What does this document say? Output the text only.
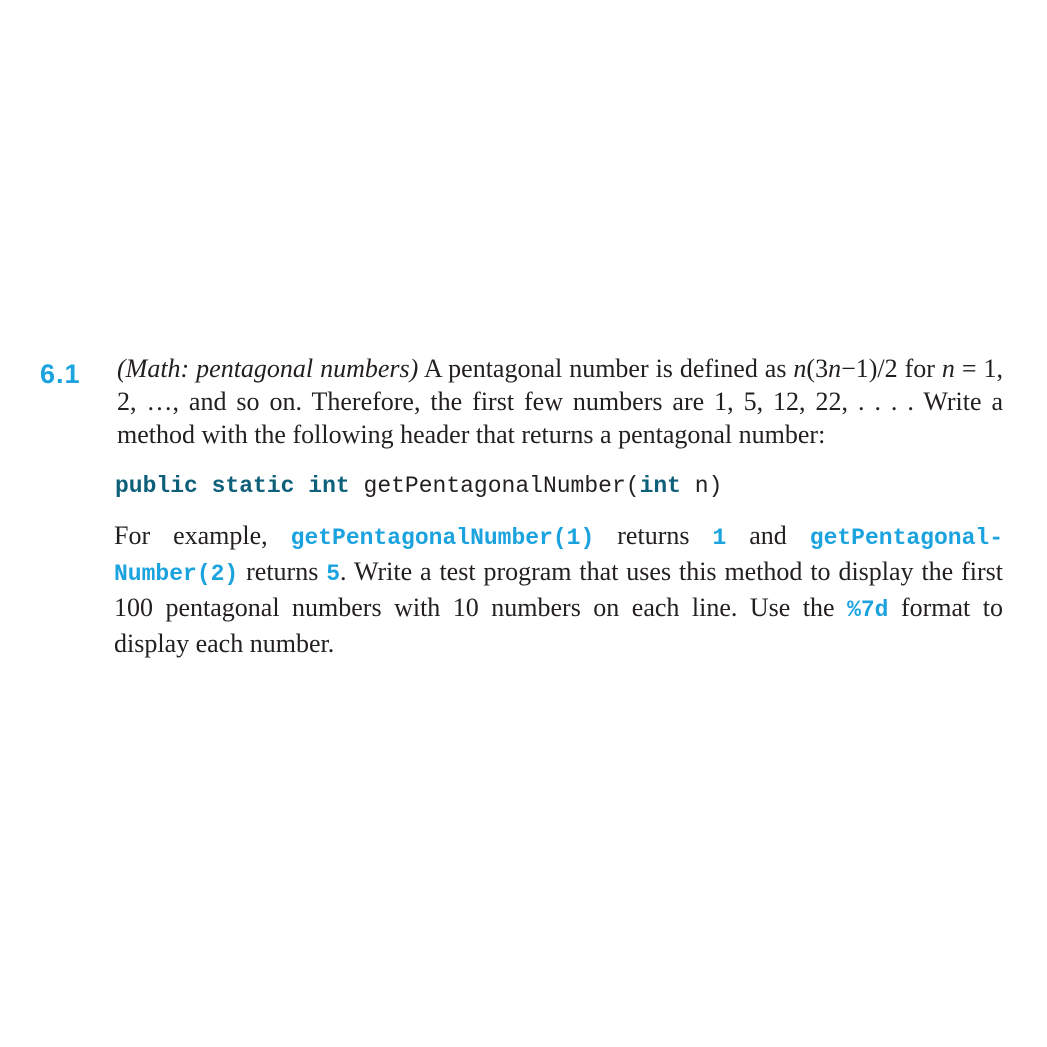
6.1 (Math: pentagonal numbers) A pentagonal number is defined as n(3n−1)/2 for n = 1, 2, …, and so on. Therefore, the first few numbers are 1, 5, 12, 22, . . . . Write a method with the following header that returns a pentagonal number:

public static int getPentagonalNumber(int n)

For example, getPentagonalNumber(1) returns 1 and getPentagonal- Number(2) returns 5. Write a test program that uses this method to display the first 100 pentagonal numbers with 10 numbers on each line. Use the %7d format to display each number.
